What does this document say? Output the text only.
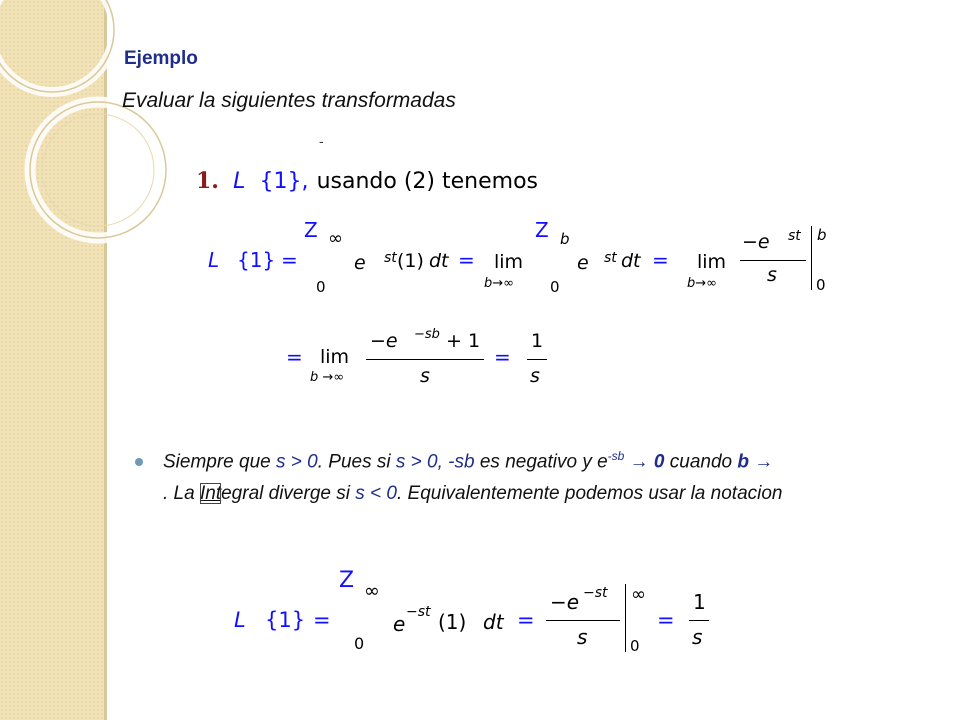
Ejemplo
Evaluar la siguientes transformadas
-
1. L {1}, usando (2) tenemos
L {1} =
Z ∞
0
e st (1) dt = lim
b→∞
Z b
0
e st dt = lim
b→∞
−e st
s
b
0
= lim
b →∞
−e −sb + 1
s
=
1
s
Siempre que s > 0. Pues si s > 0, -sb es negativo y $e^{-sb} \to 0$ cuando b →
. La Integral diverge si s < 0. Equivalentemente podemos usar la notacion
L {1} =
Z ∞
0
e −st (1) dt =
−e −st
s
∞
0
=
1
s
